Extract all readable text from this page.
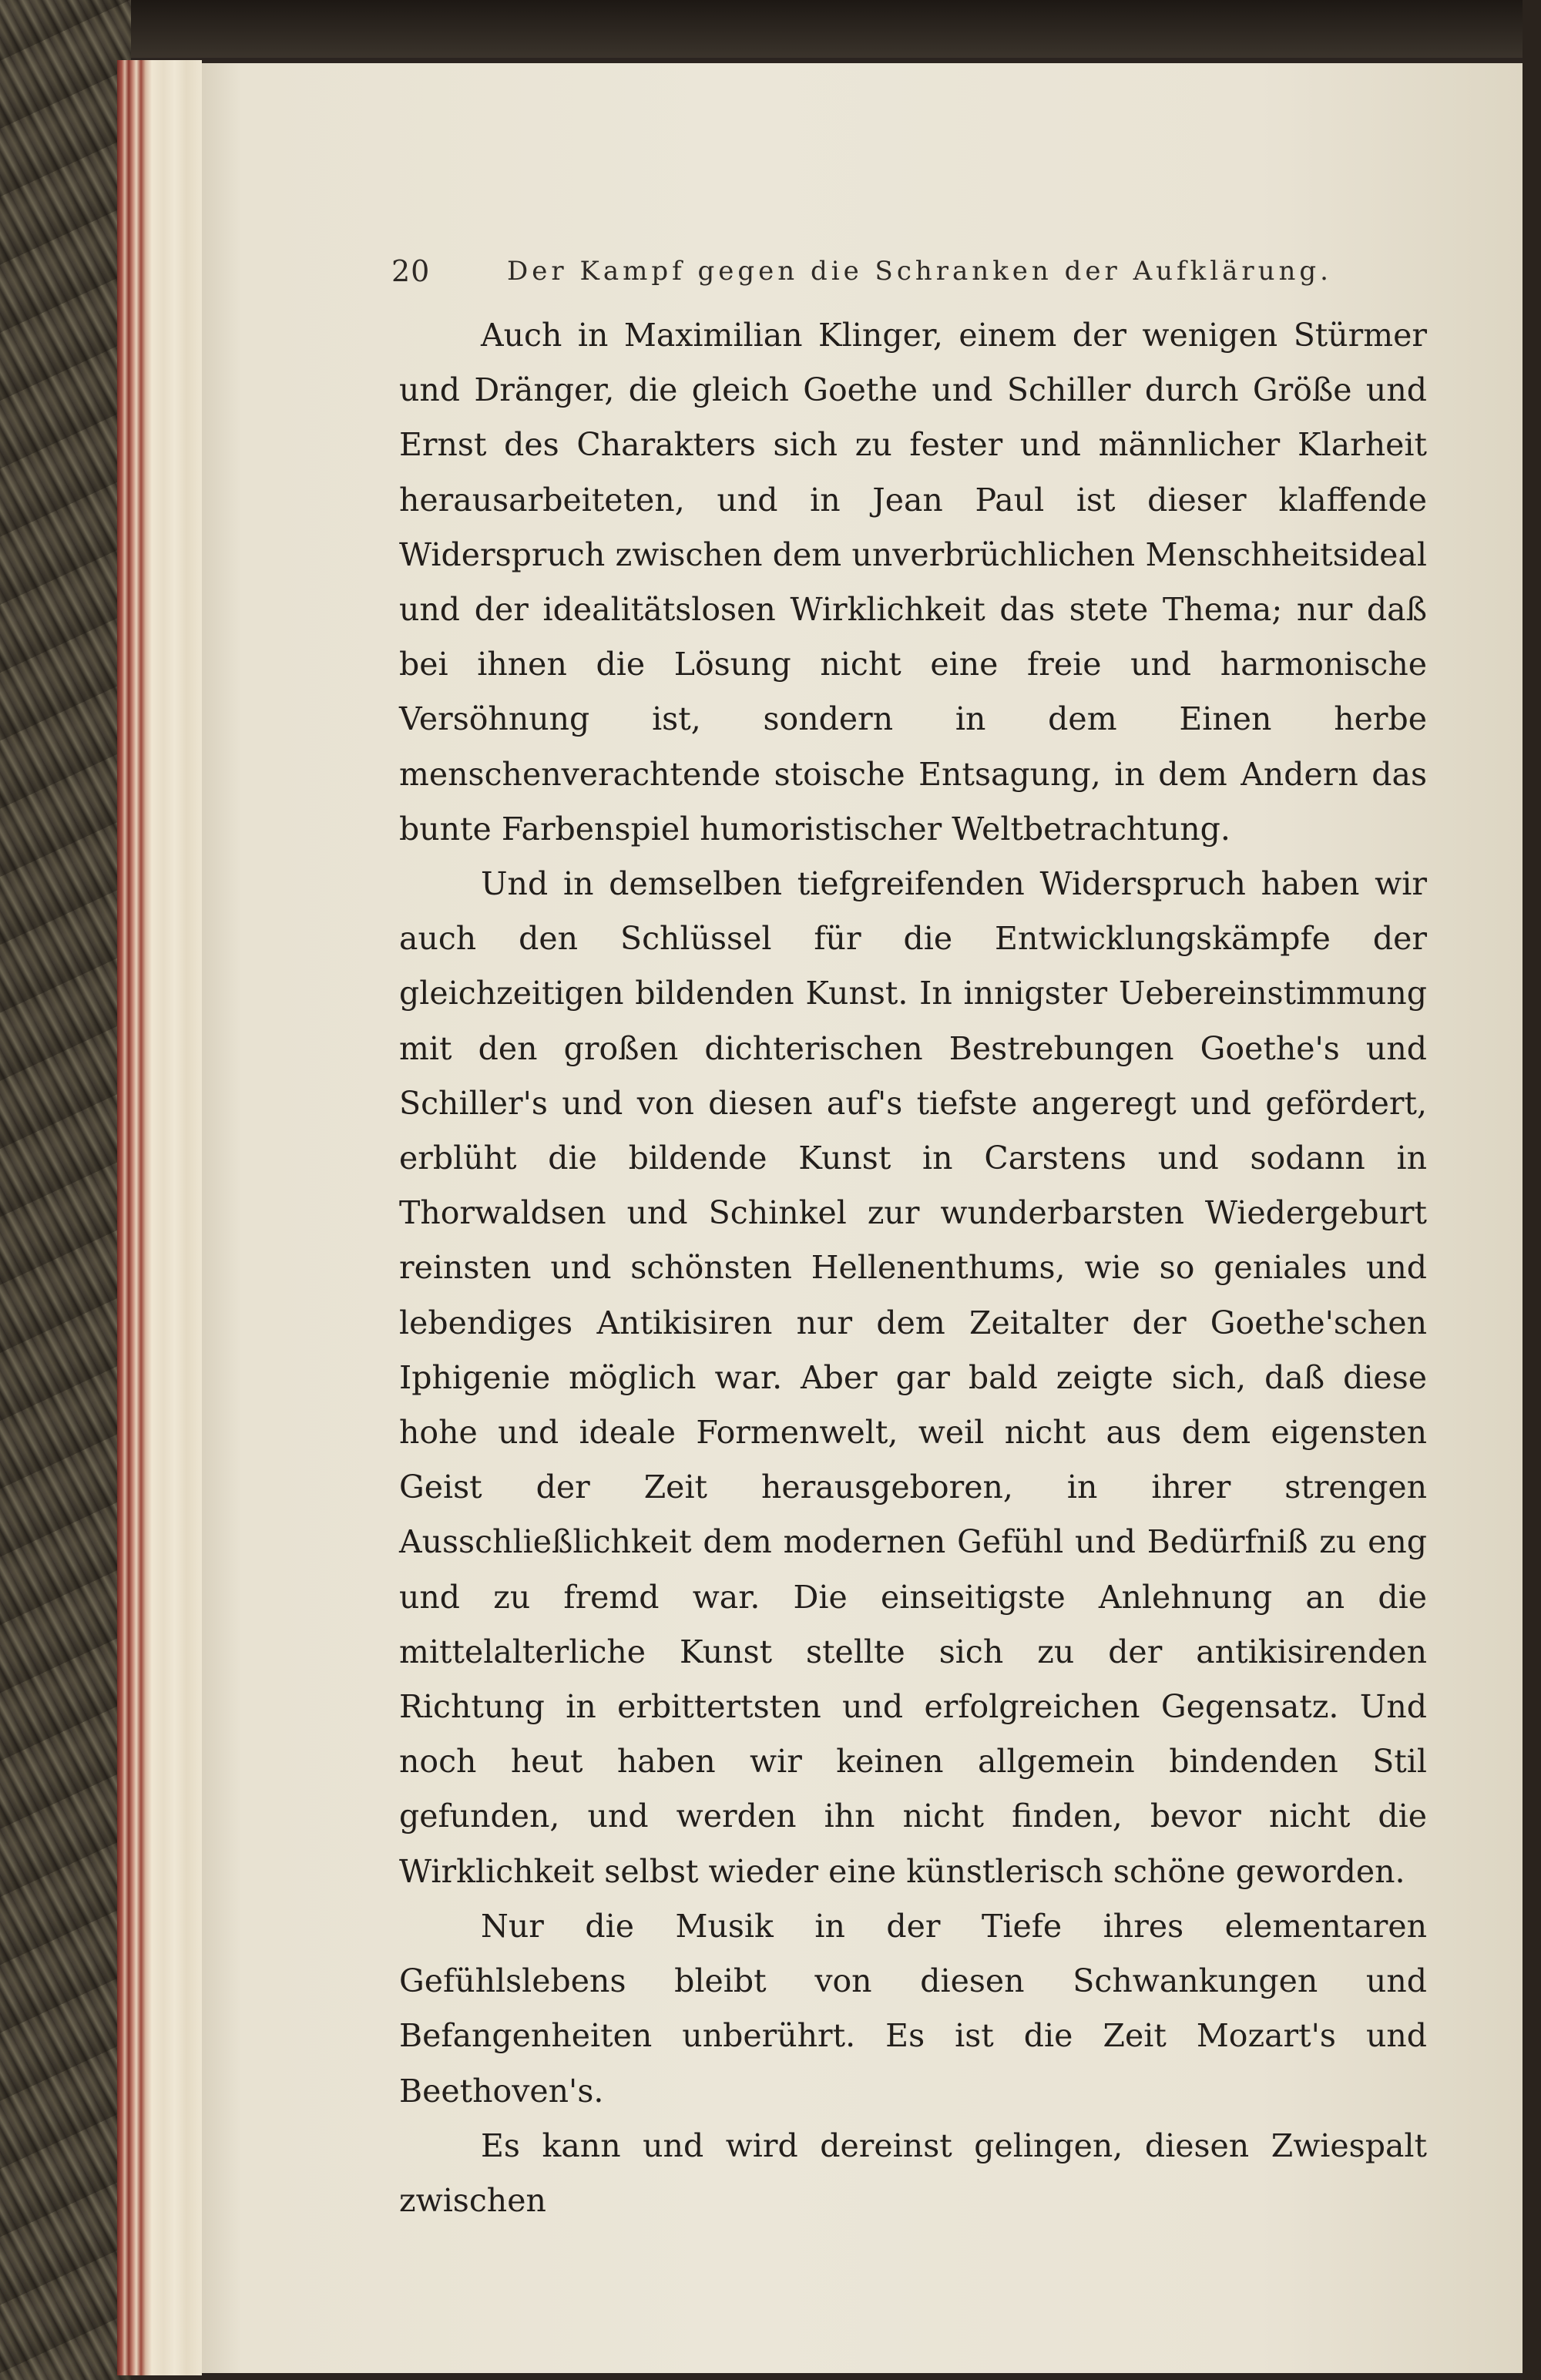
20	Der Kampf gegen die Schranken der Aufklärung.

Auch in Maximilian Klinger, einem der wenigen Stürmer und Dränger, die gleich Goethe und Schiller durch Größe und Ernst des Charakters sich zu fester und männlicher Klarheit herausarbeiteten, und in Jean Paul ist dieser klaffende Widerspruch zwischen dem unverbrüchlichen Menschheitsideal und der idealitätslosen Wirklichkeit das stete Thema; nur daß bei ihnen die Lösung nicht eine freie und harmonische Versöhnung ist, sondern in dem Einen herbe menschenverachtende stoische Entsagung, in dem Andern das bunte Farbenspiel humoristischer Weltbetrachtung.

Und in demselben tiefgreifenden Widerspruch haben wir auch den Schlüssel für die Entwicklungskämpfe der gleichzeitigen bildenden Kunst. In innigster Uebereinstimmung mit den großen dichterischen Bestrebungen Goethe's und Schiller's und von diesen auf's tiefste angeregt und gefördert, erblüht die bildende Kunst in Carstens und sodann in Thorwaldsen und Schinkel zur wunderbarsten Wiedergeburt reinsten und schönsten Hellenenthums, wie so geniales und lebendiges Antikisiren nur dem Zeitalter der Goethe'schen Iphigenie möglich war. Aber gar bald zeigte sich, daß diese hohe und ideale Formenwelt, weil nicht aus dem eigensten Geist der Zeit herausgeboren, in ihrer strengen Ausschließlichkeit dem modernen Gefühl und Bedürfniß zu eng und zu fremd war. Die einseitigste Anlehnung an die mittelalterliche Kunst stellte sich zu der antikisirenden Richtung in erbittertsten und erfolgreichen Gegensatz. Und noch heut haben wir keinen allgemein bindenden Stil gefunden, und werden ihn nicht finden, bevor nicht die Wirklichkeit selbst wieder eine künstlerisch schöne geworden.

Nur die Musik in der Tiefe ihres elementaren Gefühlslebens bleibt von diesen Schwankungen und Befangenheiten unberührt. Es ist die Zeit Mozart's und Beethoven's.

Es kann und wird dereinst gelingen, diesen Zwiespalt zwischen
